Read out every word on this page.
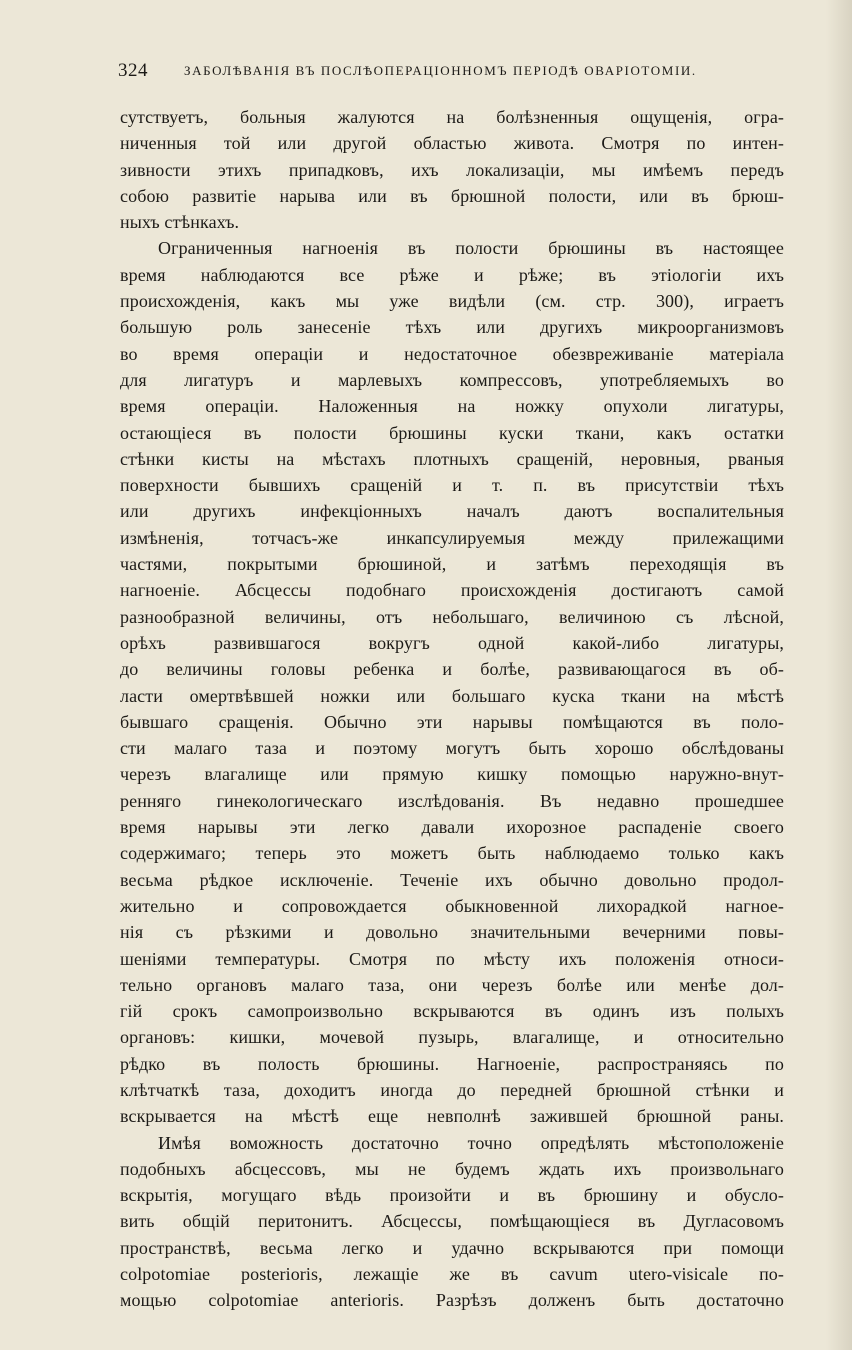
324	ЗАБОЛѢВАНІЯ ВЪ ПОСЛѢОПЕРАЦІОННОМЪ ПЕРІОДѢ ОВАРІОТОМІИ.
сутствуетъ, больныя жалуются на болѣзненныя ощущенія, огра-
ниченныя той или другой областью живота. Смотря по интен-
зивности этихъ припадковъ, ихъ локализаціи, мы имѣемъ передъ
собою развитіе нарыва или въ брюшной полости, или въ брюш-
ныхъ стѣнкахъ.
Ограниченныя нагноенія въ полости брюшины въ настоящее
время наблюдаются все рѣже и рѣже; въ этіологіи ихъ
происхожденія, какъ мы уже видѣли (см. стр. 300), играетъ
большую роль занесеніе тѣхъ или другихъ микроорганизмовъ
во время операціи и недостаточное обезвреживаніе матеріала
для лигатуръ и марлевыхъ компрессовъ, употребляемыхъ во
время операціи. Наложенныя на ножку опухоли лигатуры,
остающіеся въ полости брюшины куски ткани, какъ остатки
стѣнки кисты на мѣстахъ плотныхъ сращеній, неровныя, рваныя
поверхности бывшихъ сращеній и т. п. въ присутствіи тѣхъ
или другихъ инфекціонныхъ началъ даютъ воспалительныя
измѣненія, тотчасъ-же инкапсулируемыя между прилежащими
частями, покрытыми брюшиной, и затѣмъ переходящія въ
нагноеніе. Абсцессы подобнаго происхожденія достигаютъ самой
разнообразной величины, отъ небольшаго, величиною съ лѣсной,
орѣхъ развившагося вокругъ одной какой-либо лигатуры,
до величины головы ребенка и болѣе, развивающагося въ об-
ласти омертвѣвшей ножки или большаго куска ткани на мѣстѣ
бывшаго сращенія. Обычно эти нарывы помѣщаются въ поло-
сти малаго таза и поэтому могутъ быть хорошо обслѣдованы
черезъ влагалище или прямую кишку помощью наружно-внут-
ренняго гинекологическаго изслѣдованія. Въ недавно прошедшее
время нарывы эти легко давали ихорозное распаденіе своего
содержимаго; теперь это можетъ быть наблюдаемо только какъ
весьма рѣдкое исключеніе. Теченіе ихъ обычно довольно продол-
жительно и сопровождается обыкновенной лихорадкой нагное-
нія съ рѣзкими и довольно значительными вечерними повы-
шеніями температуры. Смотря по мѣсту ихъ положенія относи-
тельно органовъ малаго таза, они черезъ болѣе или менѣе дол-
гій срокъ самопроизвольно вскрываются въ одинъ изъ полыхъ
органовъ: кишки, мочевой пузырь, влагалище, и относительно
рѣдко въ полость брюшины. Нагноеніе, распространяясь по
клѣтчаткѣ таза, доходитъ иногда до передней брюшной стѣнки и
вскрывается на мѣстѣ еще невполнѣ зажившей брюшной раны.
Имѣя воможность достаточно точно опредѣлять мѣстоположеніе
подобныхъ абсцессовъ, мы не будемъ ждать ихъ произвольнаго
вскрытія, могущаго вѣдь произойти и въ брюшину и обусло-
вить общій перитонитъ. Абсцессы, помѣщающіеся въ Дугласовомъ
пространствѣ, весьма легко и удачно вскрываются при помощи
colpotomiae posterioris, лежащіе же въ cavum utero-visicale по-
мощью colpotomiae anterioris. Разрѣзъ долженъ быть достаточно
